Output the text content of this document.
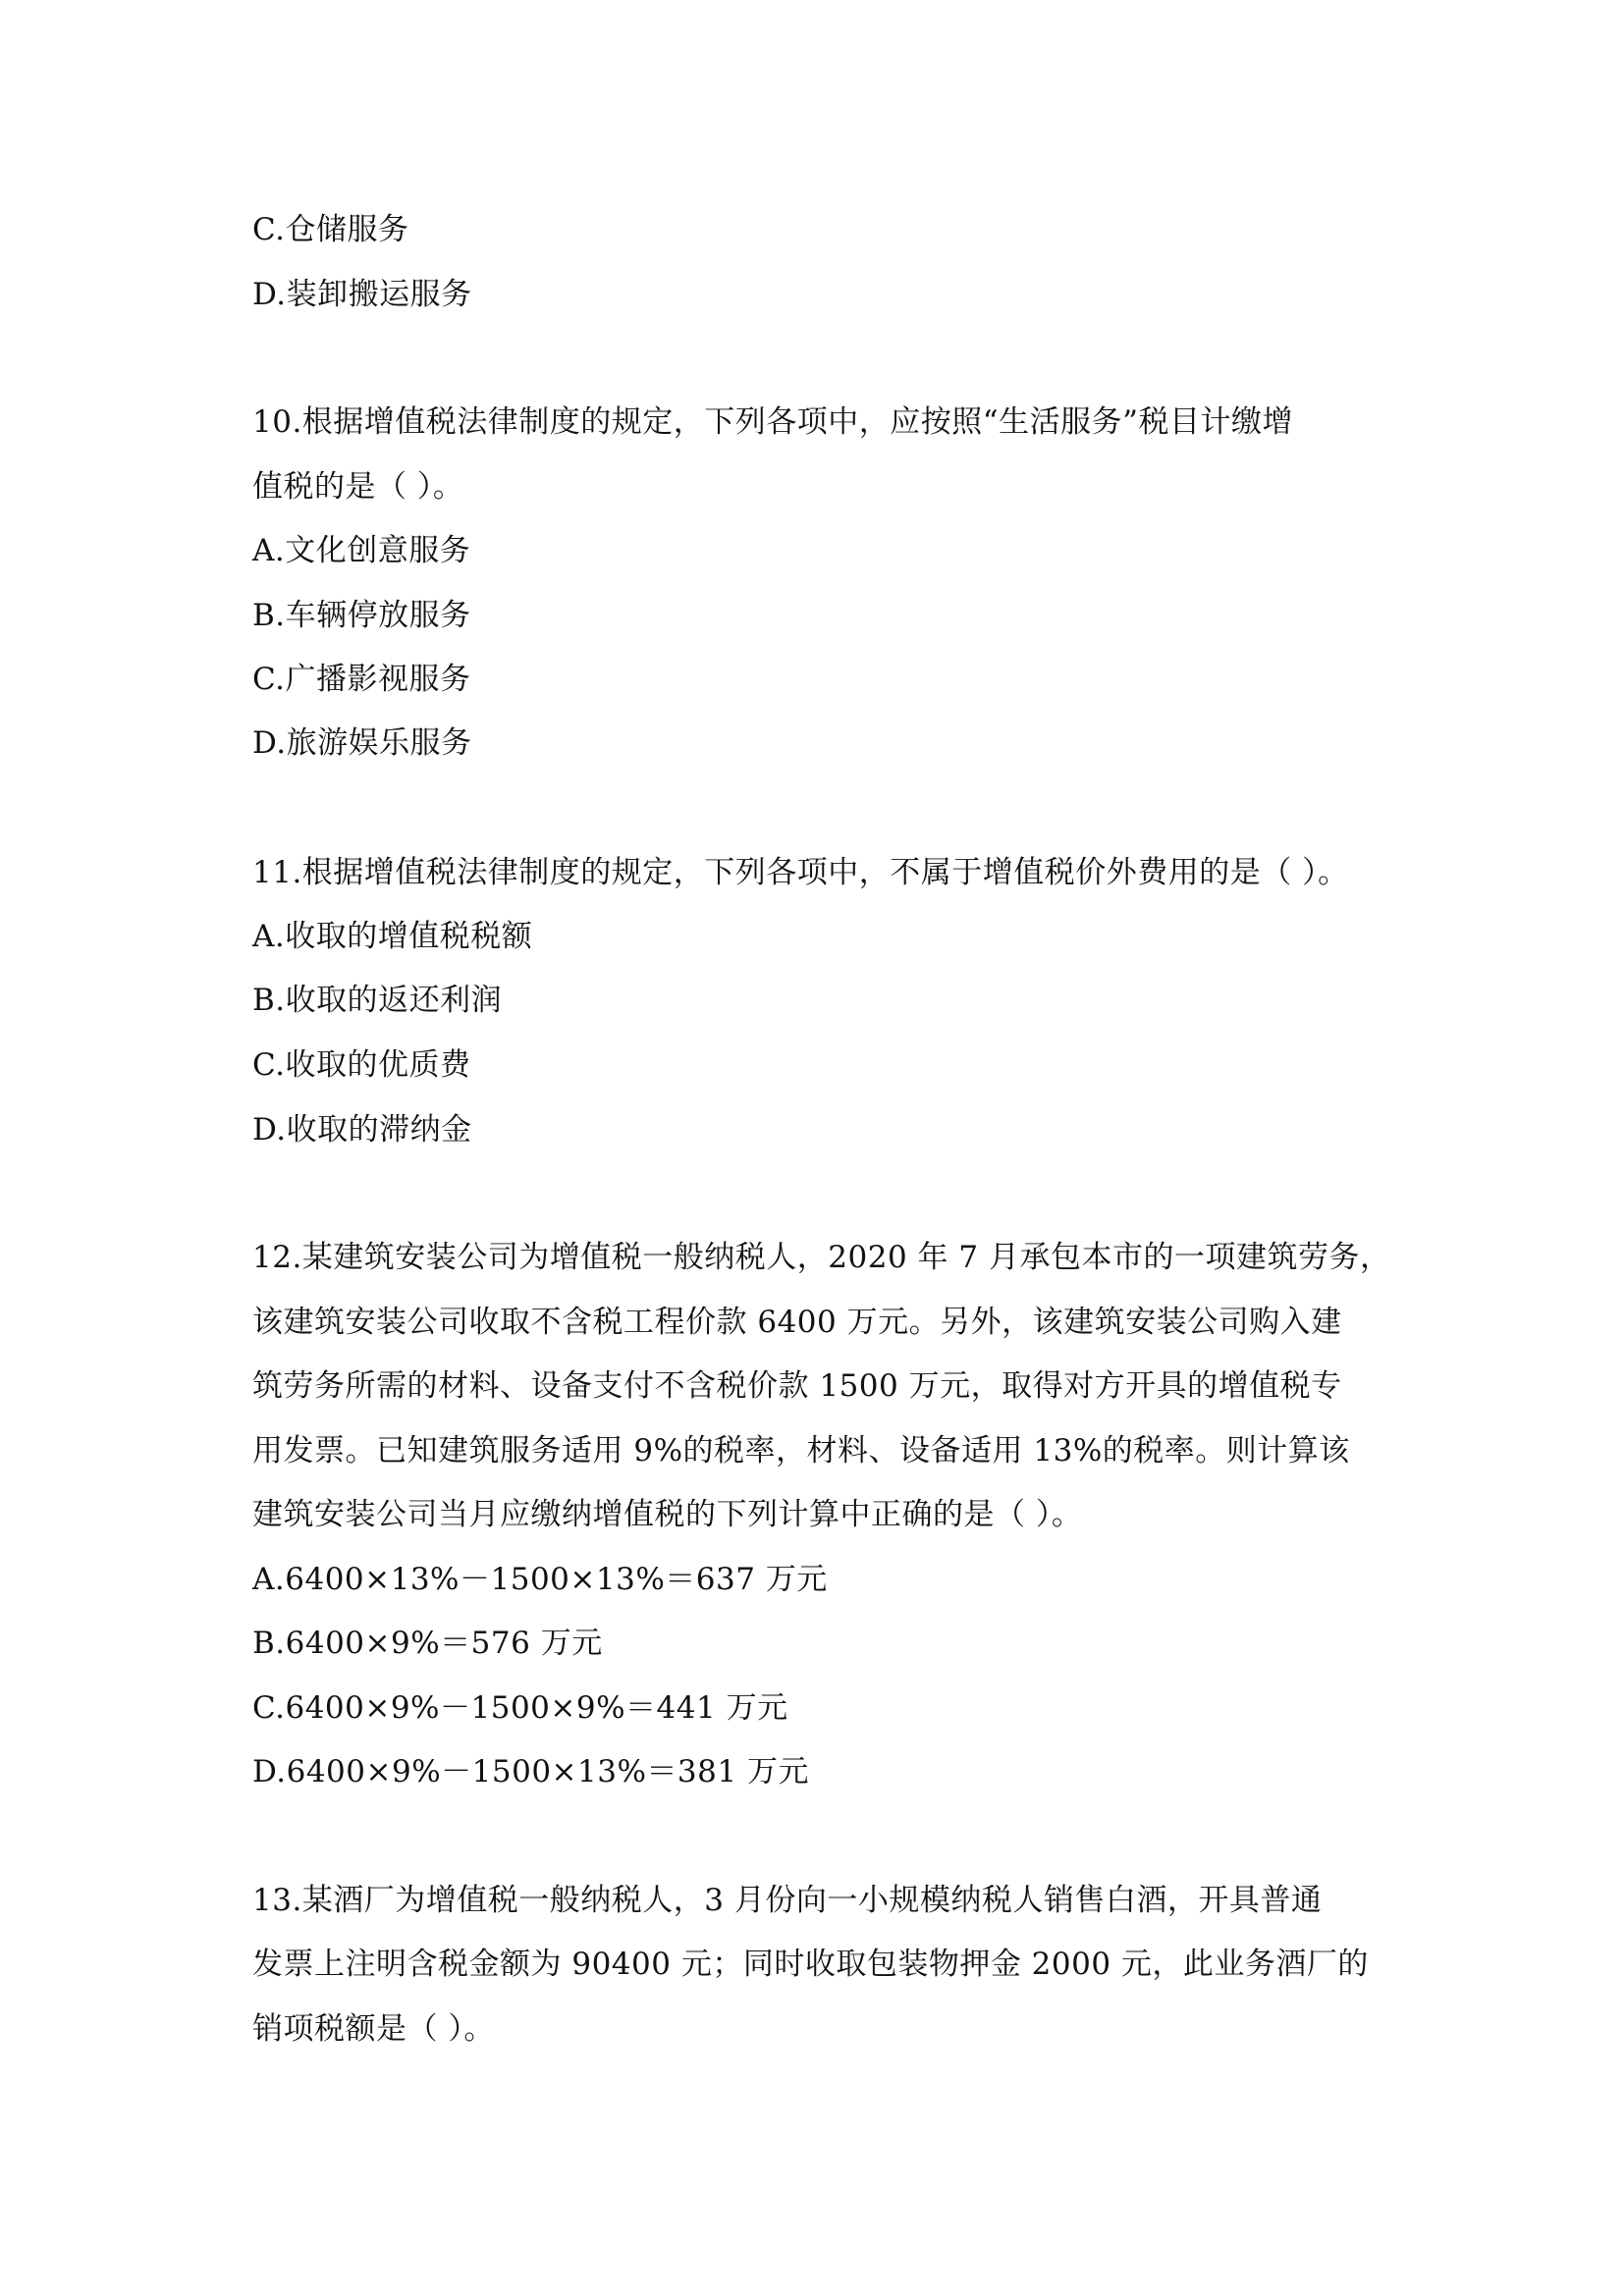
C.仓储服务
D.装卸搬运服务
10.根据增值税法律制度的规定，下列各项中，应按照“生活服务”税目计缴增
值税的是（ ）。
A.文化创意服务
B.车辆停放服务
C.广播影视服务
D.旅游娱乐服务
11.根据增值税法律制度的规定，下列各项中，不属于增值税价外费用的是（ ）。
A.收取的增值税税额
B.收取的返还利润
C.收取的优质费
D.收取的滞纳金
12.某建筑安装公司为增值税一般纳税人，2020 年 7 月承包本市的一项建筑劳务，
该建筑安装公司收取不含税工程价款 6400 万元。另外，该建筑安装公司购入建
筑劳务所需的材料、设备支付不含税价款 1500 万元，取得对方开具的增值税专
用发票。已知建筑服务适用 9%的税率，材料、设备适用 13%的税率。则计算该
建筑安装公司当月应缴纳增值税的下列计算中正确的是（ ）。
A.6400×13%－1500×13%＝637 万元
B.6400×9%＝576 万元
C.6400×9%－1500×9%＝441 万元
D.6400×9%－1500×13%＝381 万元
13.某酒厂为增值税一般纳税人，3 月份向一小规模纳税人销售白酒，开具普通
发票上注明含税金额为 90400 元；同时收取包装物押金 2000 元，此业务酒厂的
销项税额是（ ）。
